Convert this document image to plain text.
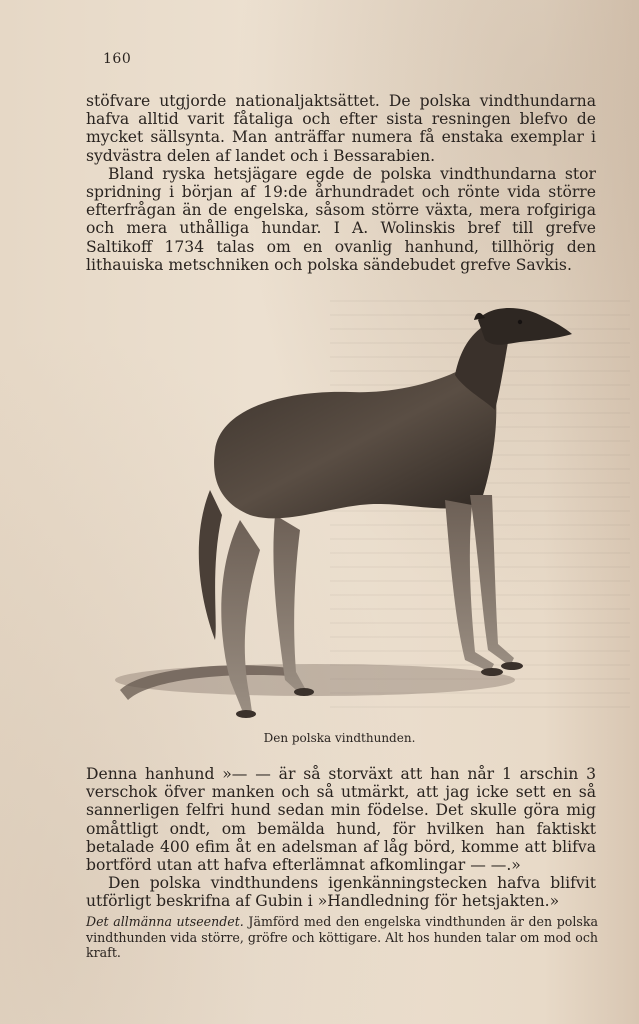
160

stöfvare utgjorde nationaljaktsättet. De polska vindthundarna hafva alltid varit fåtaliga och efter sista resningen blefvo de mycket sällsynta. Man anträffar numera få enstaka exemplar i sydvästra delen af landet och i Bessarabien.

Bland ryska hetsjägare egde de polska vindthundarna stor spridning i början af 19:de århundradet och rönte vida större efterfrågan än de engelska, såsom större växta, mera rofgiriga och mera uthålliga hundar. I A. Wolinskis bref till grefve Saltikoff 1734 talas om en ovanlig hanhund, tillhörig den lithauiska metschniken och polska sändebudet grefve Savkis.

Den polska vindthunden.

Denna hanhund »— — är så storväxt att han når 1 arschin 3 verschok öfver manken och så utmärkt, att jag icke sett en så sannerligen felfri hund sedan min födelse. Det skulle göra mig omåttligt ondt, om bemälda hund, för hvilken han faktiskt betalade 400 efim åt en adelsman af låg börd, komme att blifva bortförd utan att hafva efterlämnat afkomlingar — —.»

Den polska vindthundens igenkänningstecken hafva blifvit utförligt beskrifna af Gubin i »Handledning för hetsjakten.»

Det allmänna utseendet. Jämförd med den engelska vindthunden är den polska vindthunden vida större, gröfre och köttigare. Alt hos hunden talar om mod och kraft.
